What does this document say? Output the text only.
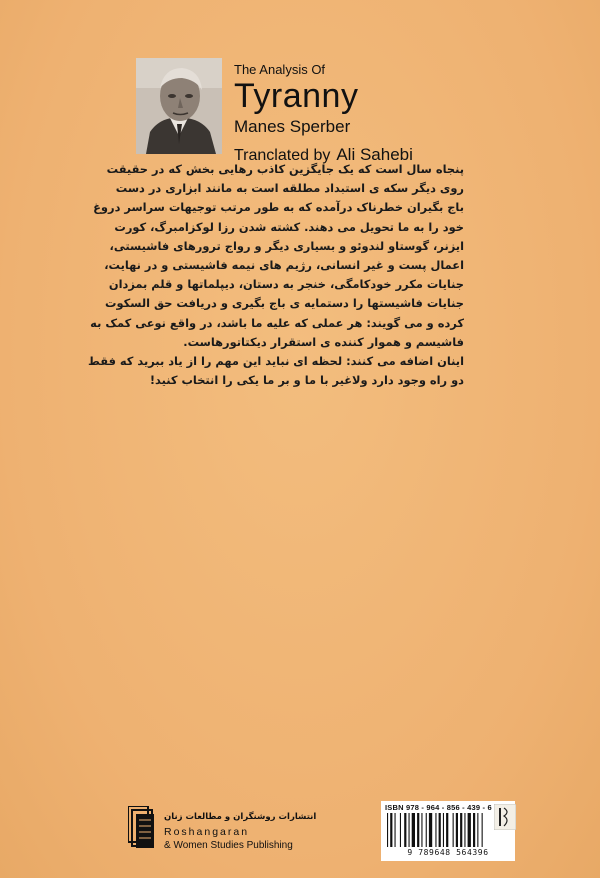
The Analysis Of

Tyranny

Manes Sperber

Tranclated by Ali Sahebi

پنجاه سال است که یک جایگزین کاذب رهایی بخش که در حقیقت
روی دیگر سکه ی استبداد مطلقه است به مانند ابزاری در دست
باج بگیران خطرناک درآمده که به طور مرتب توجیهات سراسر دروغ
خود را به ما تحویل می دهند. کشته شدن رزا لوکزامبرگ، کورت
ایزنر، گوستاو لندوئو و بسیاری دیگر و رواج ترورهای فاشیستی،
اعمال پست و غیر انسانی، رژیم های نیمه فاشیستی و در نهایت،
جنایات مکرر خودکامگی، خنجر به دستان، دیپلماتها و قلم بمزدان
جنایات فاشیستها را دستمایه ی باج بگیری و دریافت حق السکوت
کرده و می گویند: هر عملی که علیه ما باشد، در واقع نوعی کمک به
فاشیسم و هموار کننده ی استقرار دیکتاتورهاست.
اینان اضافه می کنند: لحظه ای نباید این مهم را از یاد ببرید که فقط
دو راه وجود دارد ولاغیر با ما و بر ما یکی را انتخاب کنید!
انتشارات روشنگران و مطالعات زنان
Roshangaran
& Women Studies Publishing
ISBN 978 - 964 - 856 - 439 - 6
9 789648 564396
